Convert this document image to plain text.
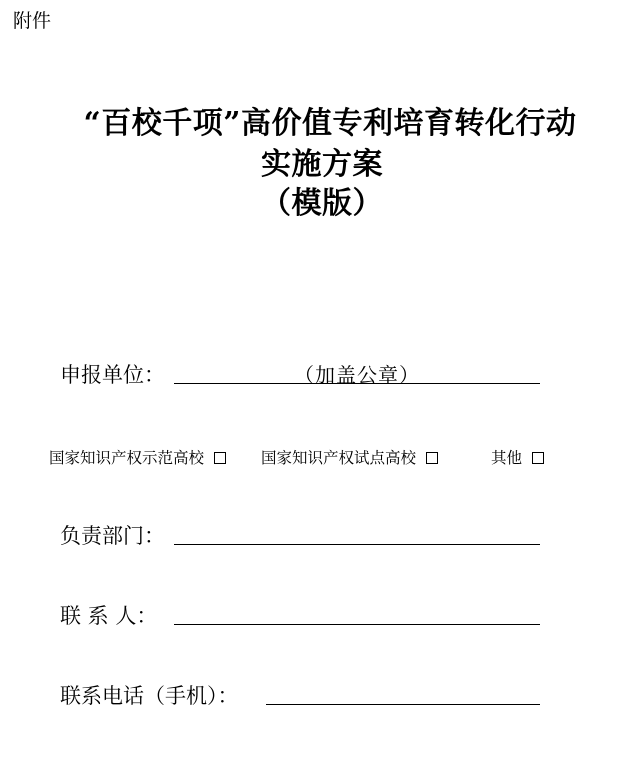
附件
“百校千项”高价值专利培育转化行动
实施方案
（模版）
申报单位：	（加盖公章）
国家知识产权示范高校	国家知识产权试点高校	其他
负责部门：
联 系 人：
联系电话（手机）：
